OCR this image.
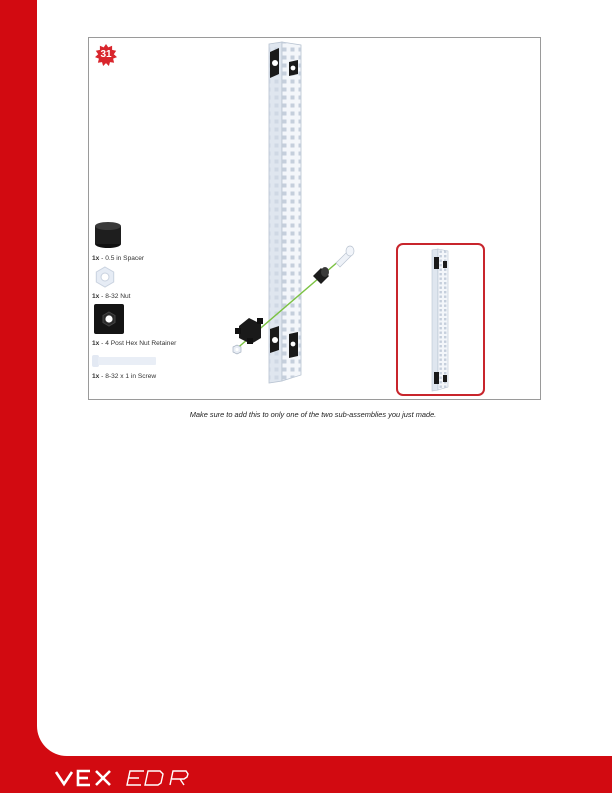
31
1x - 0.5 in Spacer
1x - 8-32 Nut
1x - 4 Post Hex Nut Retainer
1x - 8-32 x 1 in Screw
Make sure to add this to only one of the two sub-assemblies you just made.
